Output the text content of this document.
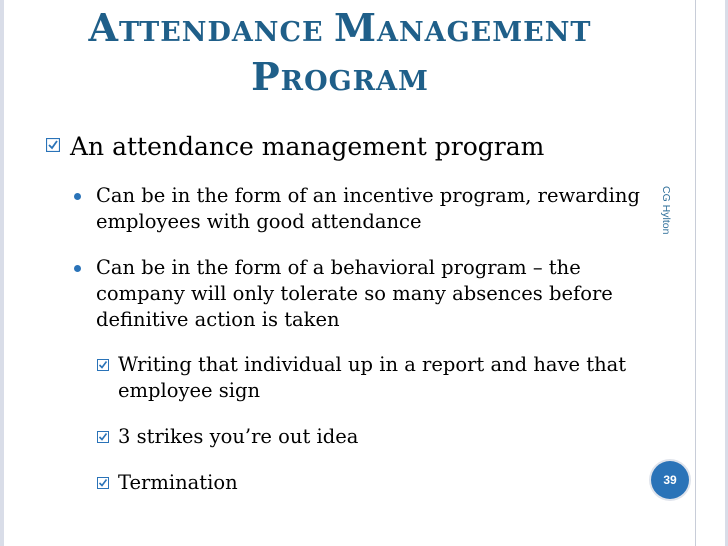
ATTENDANCE MANAGEMENT
PROGRAM
CG Hylton
An attendance management program
Can be in the form of an incentive program, rewarding employees with good attendance
Can be in the form of a behavioral program – the company will only tolerate so many absences before definitive action is taken
Writing that individual up in a report and have that employee sign
3 strikes you’re out idea
Termination	39
